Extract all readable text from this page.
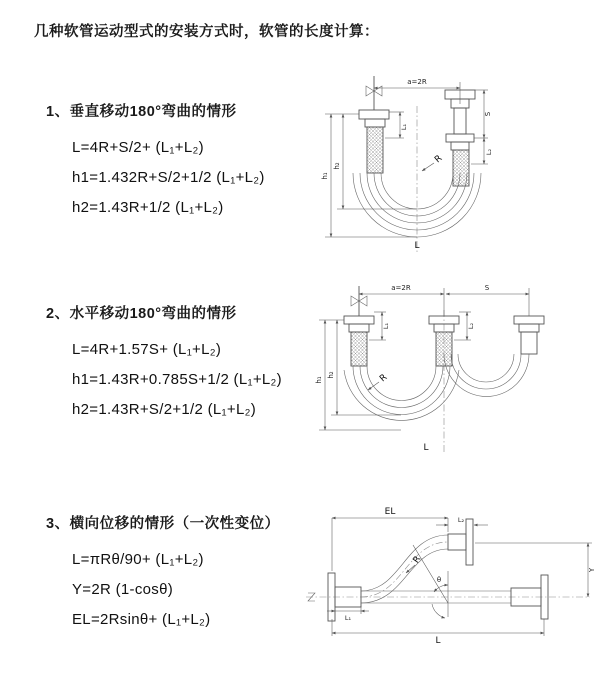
几种软管运动型式的安装方式时，软管的长度计算：
1、垂直移动180°弯曲的情形
L=4R+S/2+ (L₁+L₂)
h1=1.432R+S/2+1/2 (L₁+L₂)
h2=1.43R+1/2 (L₁+L₂)
2、水平移动180°弯曲的情形
L=4R+1.57S+ (L₁+L₂)
h1=1.43R+0.785S+1/2 (L₁+L₂)
h2=1.43R+S/2+1/2 (L₁+L₂)
3、横向位移的情形（一次性变位）
L=πRθ/90+ (L₁+L₂)
Y=2R (1-cosθ)
EL=2Rsinθ+ (L₁+L₂)
a=2R
h₁
h₂
L₁
S
L₂
R
L
a=2R	S
h₁
h₂
L₁	L₂
R
L
EL
L₂
Y
θ
R
L₁
L
